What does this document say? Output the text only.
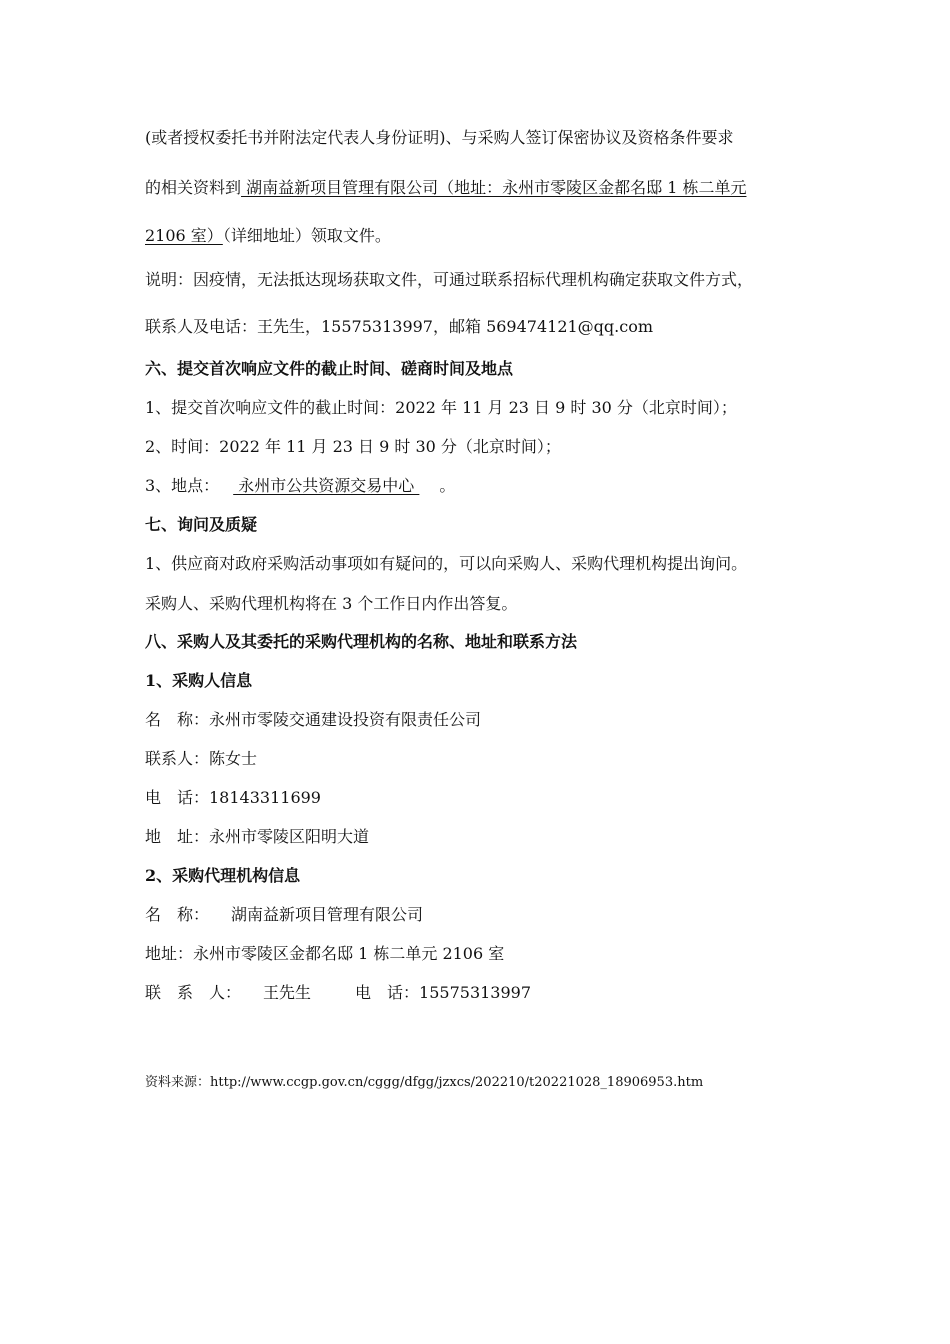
(或者授权委托书并附法定代表人身份证明)、与采购人签订保密协议及资格条件要求
的相关资料到 湖南益新项目管理有限公司（地址：永州市零陵区金都名邸 1 栋二单元
2106 室）（详细地址）领取文件。
说明：因疫情，无法抵达现场获取文件，可通过联系招标代理机构确定获取文件方式，
联系人及电话：王先生，15575313997，邮箱 569474121@qq.com
六、提交首次响应文件的截止时间、磋商时间及地点
1、提交首次响应文件的截止时间：2022 年 11 月 23 日 9 时 30 分（北京时间）；
2、时间：2022 年 11 月 23 日 9 时 30 分（北京时间）；
3、地点： 永州市公共资源交易中心 。
七、询问及质疑
1、供应商对政府采购活动事项如有疑问的，可以向采购人、采购代理机构提出询问。
采购人、采购代理机构将在 3 个工作日内作出答复。
八、采购人及其委托的采购代理机构的名称、地址和联系方法
1、采购人信息
名　称：永州市零陵交通建设投资有限责任公司
联系人：陈女士
电　话：18143311699
地　址：永州市零陵区阳明大道
2、采购代理机构信息
名　称： 湖南益新项目管理有限公司
地址：永州市零陵区金都名邸 1 栋二单元 2106 室
联　系　人： 王先生	电　话：15575313997
资料来源：http://www.ccgp.gov.cn/cggg/dfgg/jzxcs/202210/t20221028_18906953.htm
